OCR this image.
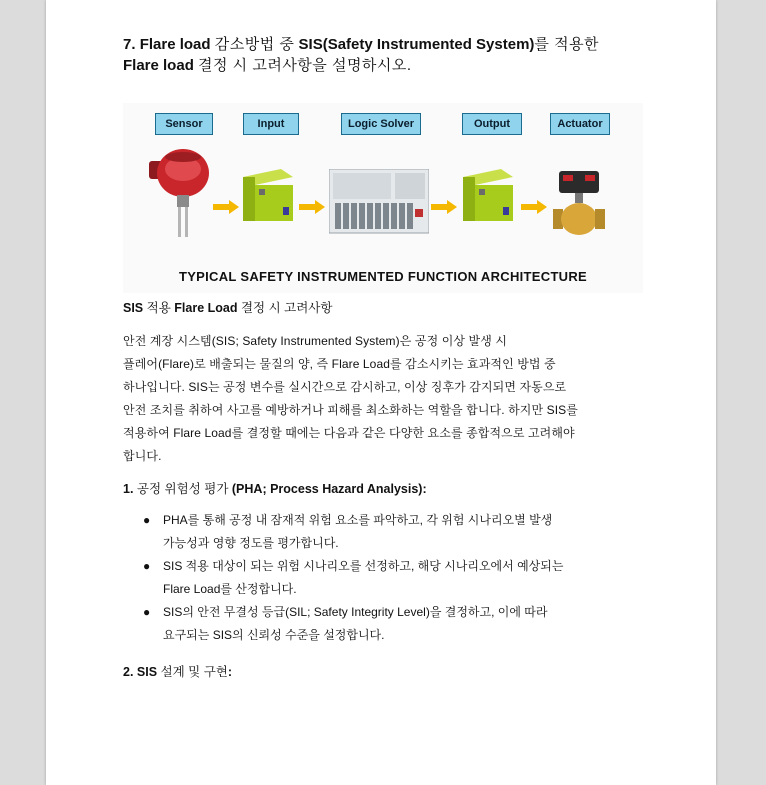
7. Flare load 감소방법 중 SIS(Safety Instrumented System)를 적용한
Flare load 결정 시 고려사항을 설명하시오.
Sensor	Input	Logic Solver	Output	Actuator
TYPICAL SAFETY INSTRUMENTED FUNCTION ARCHITECTURE

SIS 적용 Flare Load 결정 시 고려사항

안전 계장 시스템(SIS; Safety Instrumented System)은 공정 이상 발생 시
플레어(Flare)로 배출되는 물질의 양, 즉 Flare Load를 감소시키는 효과적인 방법 중
하나입니다. SIS는 공정 변수를 실시간으로 감시하고, 이상 징후가 감지되면 자동으로
안전 조치를 취하여 사고를 예방하거나 피해를 최소화하는 역할을 합니다. 하지만 SIS를
적용하여 Flare Load를 결정할 때에는 다음과 같은 다양한 요소를 종합적으로 고려해야
합니다.

1. 공정 위험성 평가 (PHA; Process Hazard Analysis):

● PHA를 통해 공정 내 잠재적 위험 요소를 파악하고, 각 위험 시나리오별 발생
가능성과 영향 정도를 평가합니다.
● SIS 적용 대상이 되는 위험 시나리오를 선정하고, 해당 시나리오에서 예상되는
Flare Load를 산정합니다.
● SIS의 안전 무결성 등급(SIL; Safety Integrity Level)을 결정하고, 이에 따라
요구되는 SIS의 신뢰성 수준을 설정합니다.

2. SIS 설계 및 구현:
